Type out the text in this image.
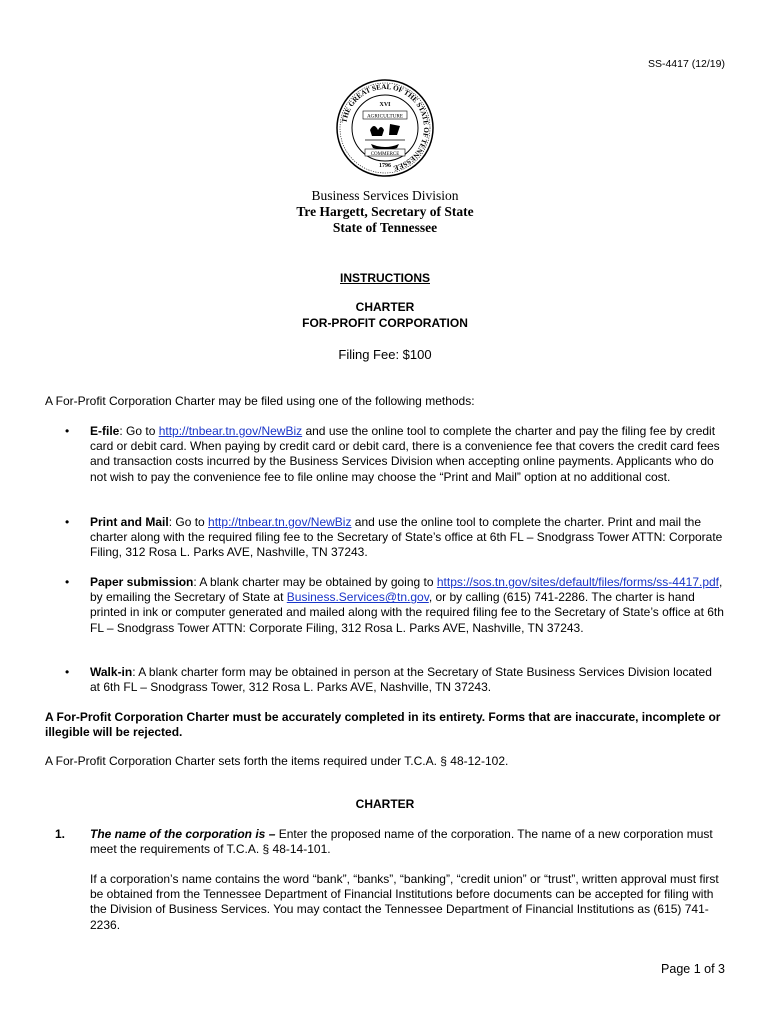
SS-4417 (12/19)
THE GREAT SEAL OF THE STATE OF TENNESSEE
XVI
AGRICULTURE
COMMERCE
1796
Business Services Division
Tre Hargett, Secretary of State
State of Tennessee
INSTRUCTIONS
CHARTER
FOR-PROFIT CORPORATION
Filing Fee: $100
A For-Profit Corporation Charter may be filed using one of the following methods:
•	E-file: Go to http://tnbear.tn.gov/NewBiz and use the online tool to complete the charter and pay the filing fee by credit card or debit card. When paying by credit card or debit card, there is a convenience fee that covers the credit card fees and transaction costs incurred by the Business Services Division when accepting online payments. Applicants who do not wish to pay the convenience fee to file online may choose the “Print and Mail” option at no additional cost.
•	Print and Mail: Go to http://tnbear.tn.gov/NewBiz and use the online tool to complete the charter. Print and mail the charter along with the required filing fee to the Secretary of State’s office at 6th FL – Snodgrass Tower ATTN: Corporate Filing, 312 Rosa L. Parks AVE, Nashville, TN 37243.
•	Paper submission: A blank charter may be obtained by going to https://sos.tn.gov/sites/default/files/forms/ss-4417.pdf, by emailing the Secretary of State at Business.Services@tn.gov, or by calling (615) 741-2286. The charter is hand printed in ink or computer generated and mailed along with the required filing fee to the Secretary of State’s office at 6th FL – Snodgrass Tower ATTN: Corporate Filing, 312 Rosa L. Parks AVE, Nashville, TN 37243.
•	Walk-in: A blank charter form may be obtained in person at the Secretary of State Business Services Division located at 6th FL – Snodgrass Tower, 312 Rosa L. Parks AVE, Nashville, TN 37243.
A For-Profit Corporation Charter must be accurately completed in its entirety. Forms that are inaccurate, incomplete or illegible will be rejected.
A For-Profit Corporation Charter sets forth the items required under T.C.A. § 48-12-102.
CHARTER
1. The name of the corporation is – Enter the proposed name of the corporation. The name of a new corporation must meet the requirements of T.C.A. § 48-14-101.
If a corporation’s name contains the word “bank”, “banks”, “banking”, “credit union” or “trust”, written approval must first be obtained from the Tennessee Department of Financial Institutions before documents can be accepted for filing with the Division of Business Services. You may contact the Tennessee Department of Financial Institutions as (615) 741-2236.
Page 1 of 3
